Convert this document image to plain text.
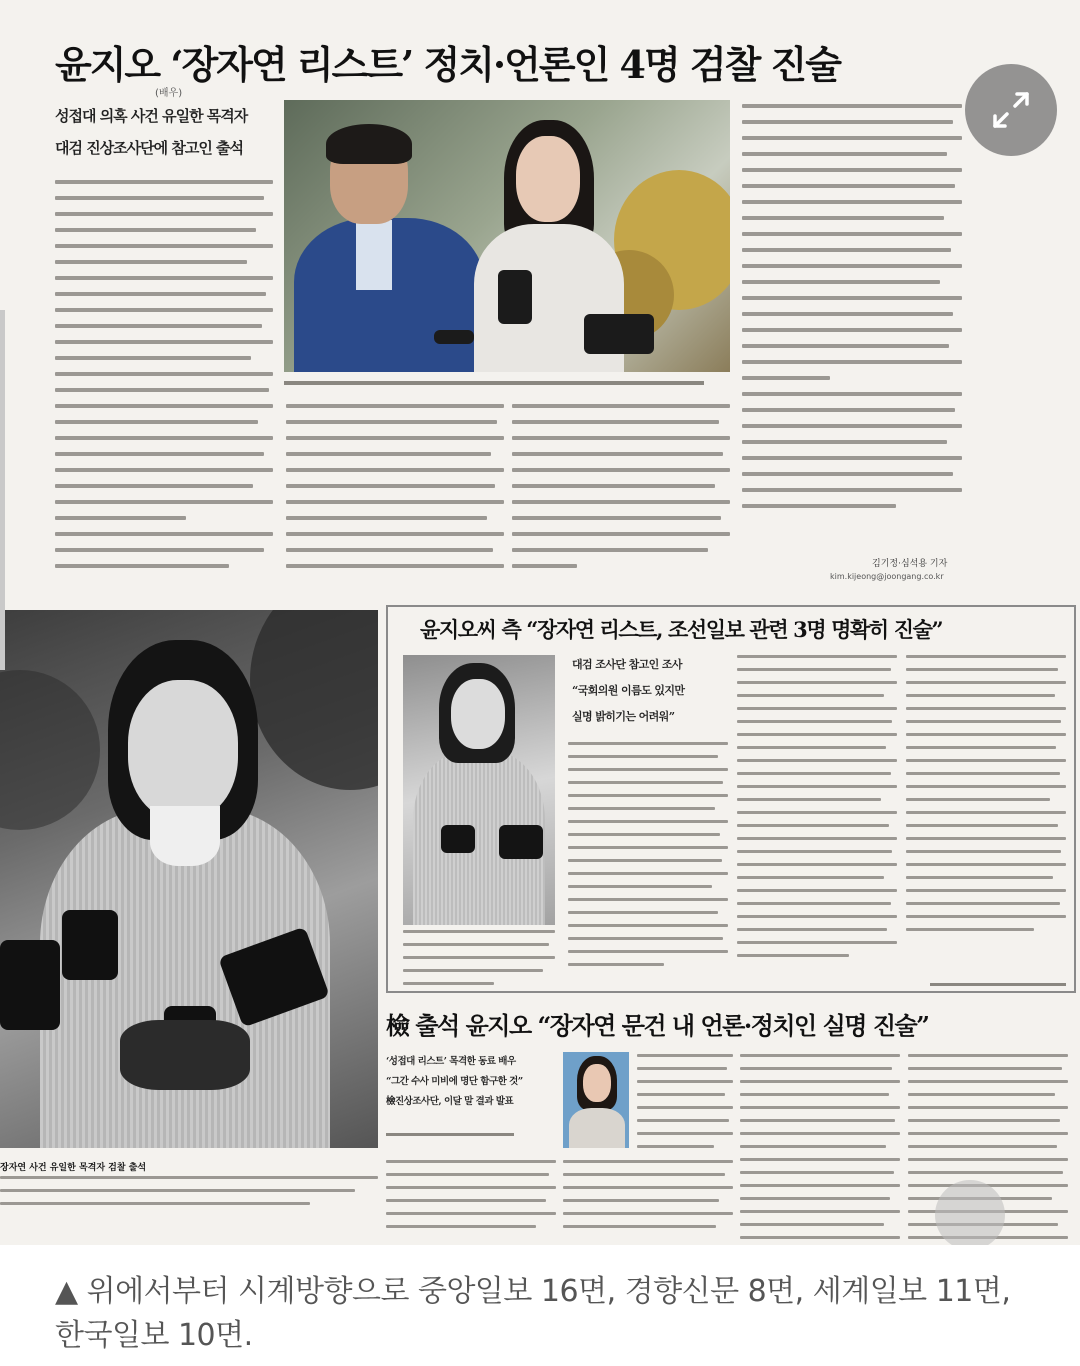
윤지오 ‘장자연 리스트’ 정치·언론인 4명 검찰 진술
(배우)
성접대 의혹 사건 유일한 목격자
대검 진상조사단에 참고인 출석
김기정·심석용 기자
kim.kijeong@joongang.co.kr
장자연 사건 유일한 목격자 검찰 출석
윤지오씨 측 “장자연 리스트, 조선일보 관련 3명 명확히 진술”
대검 조사단 참고인 조사
“국회의원 이름도 있지만
실명 밝히기는 어려워”
檢 출석 윤지오 “장자연 문건 내 언론·정치인 실명 진술”
‘성접대 리스트’ 목격한 동료 배우
“그간 수사 미비에 명단 함구한 것”
檢진상조사단, 이달 말 결과 발표
▲ 위에서부터 시계방향으로 중앙일보 16면, 경향신문 8면, 세계일보 11면, 한국일보 10면.
